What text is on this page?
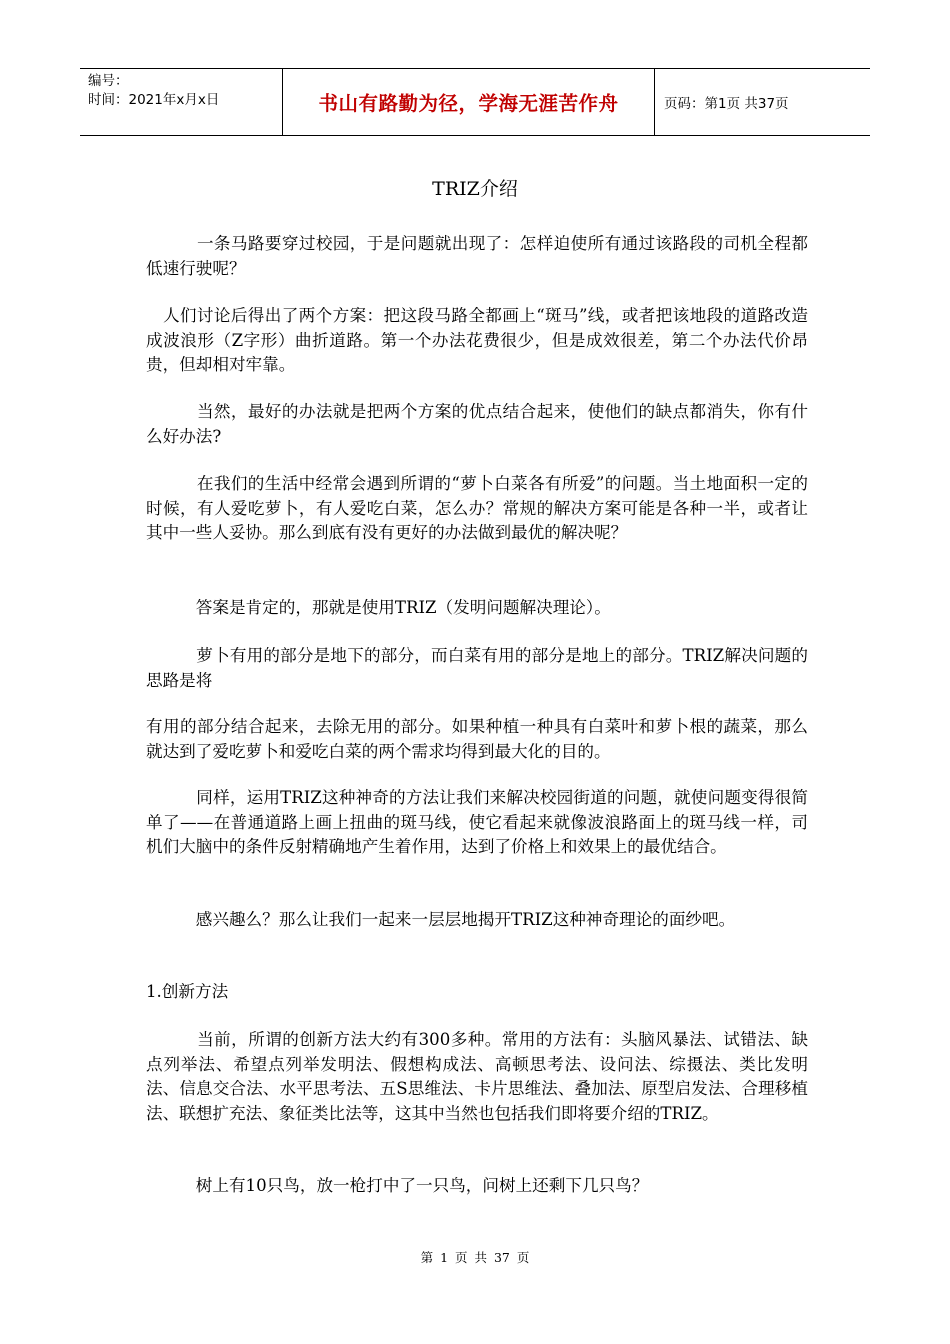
编号：
时间：2021年x月x日	书山有路勤为径，学海无涯苦作舟	页码：第1页 共37页
TRIZ介绍

　　　一条马路要穿过校园，于是问题就出现了：怎样迫使所有通过该路段的司机全程都低速行驶呢？

　人们讨论后得出了两个方案：把这段马路全都画上“斑马”线，或者把该地段的道路改造成波浪形（Z字形）曲折道路。第一个办法花费很少，但是成效很差，第二个办法代价昂贵，但却相对牢靠。

　　　当然，最好的办法就是把两个方案的优点结合起来，使他们的缺点都消失，你有什么好办法?

　　　在我们的生活中经常会遇到所谓的“萝卜白菜各有所爱”的问题。当土地面积一定的时候，有人爱吃萝卜，有人爱吃白菜，怎么办？常规的解决方案可能是各种一半，或者让其中一些人妥协。那么到底有没有更好的办法做到最优的解决呢？

　　　答案是肯定的，那就是使用TRIZ（发明问题解决理论）。

　　　萝卜有用的部分是地下的部分，而白菜有用的部分是地上的部分。TRIZ解决问题的思路是将

有用的部分结合起来，去除无用的部分。如果种植一种具有白菜叶和萝卜根的蔬菜，那么就达到了爱吃萝卜和爱吃白菜的两个需求均得到最大化的目的。

　　　同样，运用TRIZ这种神奇的方法让我们来解决校园街道的问题，就使问题变得很简单了——在普通道路上画上扭曲的斑马线，使它看起来就像波浪路面上的斑马线一样，司机们大脑中的条件反射精确地产生着作用，达到了价格上和效果上的最优结合。

　　　感兴趣么？那么让我们一起来一层层地揭开TRIZ这种神奇理论的面纱吧。

1.创新方法

　　　当前，所谓的创新方法大约有300多种。常用的方法有：头脑风暴法、试错法、缺点列举法、希望点列举发明法、假想构成法、高顿思考法、设问法、综摄法、类比发明法、信息交合法、水平思考法、五S思维法、卡片思维法、叠加法、原型启发法、合理移植法、联想扩充法、象征类比法等，这其中当然也包括我们即将要介绍的TRIZ。

　　　树上有10只鸟，放一枪打中了一只鸟，问树上还剩下几只鸟？

第 1 页 共 37 页
